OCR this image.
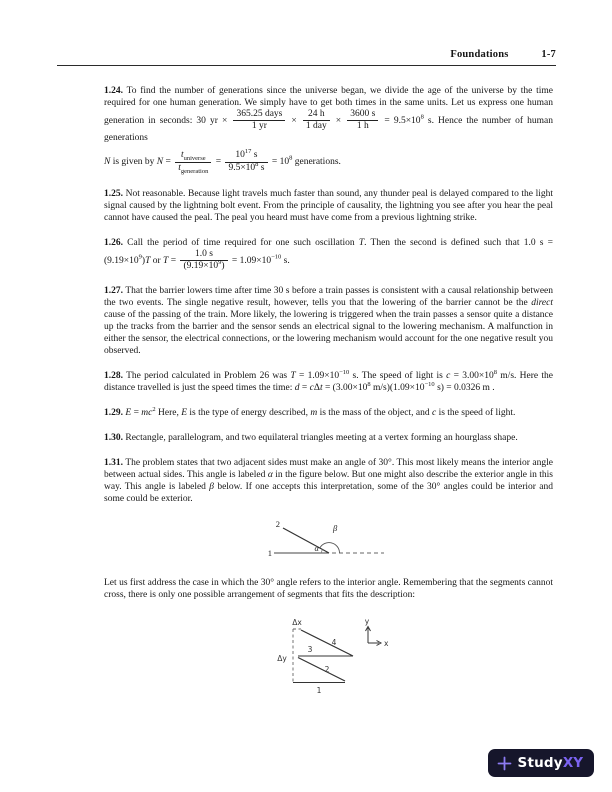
Foundations	1-7
1.24. To find the number of generations since the universe began, we divide the age of the universe by the time required for one human generation. We simply have to get both times in the same units. Let us express one human generation in seconds: 30 yr × $\frac{\text{365.25 days}}{1 yr} \times \frac{24 h}{\text{1 day}} \times \frac{3600 s}{1 h} = 9.5\times 10^8$ s. Hence the number of human generations
N is given by $N = \frac{t_{universe}}{t_{generation}} = \frac{10^{17} s}{9.5\times 10^8 s} = 10^8$ generations.
1.25. Not reasonable. Because light travels much faster than sound, any thunder peal is delayed compared to the light signal caused by the lightning bolt event. From the principle of causality, the lightning you see after you hear the peal cannot have caused the peal. The peal you heard must have come from a previous lightning strike.
1.26. Call the period of time required for one such oscillation T. Then the second is defined such that 1.0 $s = (9.19\times 10^9)T$ or $T = \frac{1.0 s}{(9.19\times 10^9)} = 1.09\times 10^{-10}$ s.
1.27. That the barrier lowers time after time 30 s before a train passes is consistent with a causal relationship between the two events. The single negative result, however, tells you that the lowering of the barrier cannot be the direct cause of the passing of the train. More likely, the lowering is triggered when the train passes a sensor quite a distance up the tracks from the barrier and the sensor sends an electrical signal to the lowering mechanism. A malfunction in either the sensor, the electrical connections, or the lowering mechanism would account for the one negative result you observed.
1.28. The period calculated in Problem 26 was $T = 1.09\times 10^{-10}$ s. The speed of light is $c = 3.00\times 10^8$ m/s. Here the distance travelled is just the speed times the time: $d = c\Delta t = (3.00\times 10^8$ $m/s)(1.09\times 10^{-10}$ s) = 0.0326 m .
1.29. $E = mc^2$ Here, E is the type of energy described, m is the mass of the object, and c is the speed of light.
1.30. Rectangle, parallelogram, and two equilateral triangles meeting at a vertex forming an hourglass shape.
1.31. The problem states that two adjacent sides must make an angle of 30°. This most likely means the interior angle between actual sides. This angle is labeled α in the figure below. But one might also describe the exterior angle in this way. This angle is labeled β below. If one accepts this interpretation, some of the 30° angles could be interior and some could be exterior.
2
1	α
β
Let us first address the case in which the 30° angle refers to the interior angle. Remembering that the segments cannot cross, there is only one possible arrangement of segments that fits the description:
Δx
Δy
4
3
2
1
y
x
StudyXY
